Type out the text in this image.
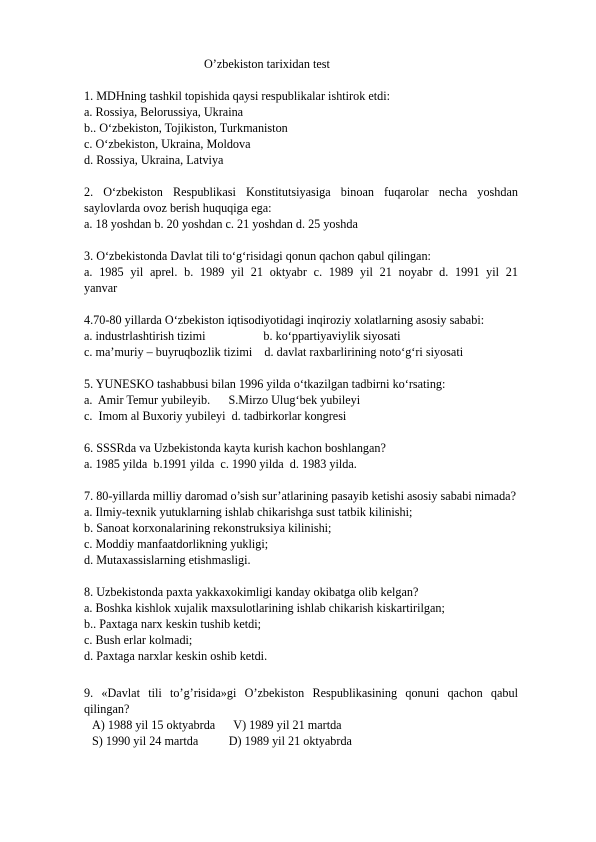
O’zbekiston tarixidan test
1. MDHning tashkil topishida qaysi respublikalar ishtirok etdi:
a. Rossiya, Belorussiya, Ukraina
b.. O‘zbekiston, Tojikiston, Turkmaniston
c. O‘zbekiston, Ukraina, Moldova
d. Rossiya, Ukraina, Latviya
2. O‘zbekiston Respublikasi Konstitutsiyasiga binoan fuqarolar necha yoshdan saylovlarda ovoz berish huquqiga ega:
a. 18 yoshdan b. 20 yoshdan c. 21 yoshdan d. 25 yoshda
3. O‘zbekistonda Davlat tili to‘g‘risidagi qonun qachon qabul qilingan:
a. 1985 yil aprel. b. 1989 yil 21 oktyabr c. 1989 yil 21 noyabr d. 1991 yil 21
yanvar
4.70-80 yillarda O‘zbekiston iqtisodiyotidagi inqiroziy xolatlarning asosiy sababi:
a. industrlashtirish tizimi                   b. ko‘ppartiyaviylik siyosati
c. ma’muriy – buyruqbozlik tizimi    d. davlat raxbarlirining noto‘g‘ri siyosati
5. YUNESKO tashabbusi bilan 1996 yilda o‘tkazilgan tadbirni ko‘rsating:
a.  Amir Temur yubileyib.      S.Mirzo Ulug‘bek yubileyi
c.  Imom al Buxoriy yubileyi  d. tadbirkorlar kongresi
6. SSSRda va Uzbekistonda kayta kurish kachon boshlangan?
a. 1985 yilda  b.1991 yilda  c. 1990 yilda  d. 1983 yilda.
7. 80-yillarda milliy daromad o’sish sur’atlarining pasayib ketishi asosiy sababi nimada?
a. Ilmiy-texnik yutuklarning ishlab chikarishga sust tatbik kilinishi;
b. Sanoat korxonalarining rekonstruksiya kilinishi;
c. Moddiy manfaatdorlikning yukligi;
d. Mutaxassislarning etishmasligi.
8. Uzbekistonda paxta yakkaxokimligi kanday okibatga olib kelgan?
a. Boshka kishlok xujalik maxsulotlarining ishlab chikarish kiskartirilgan;
b.. Paxtaga narx keskin tushib ketdi;
c. Bush erlar kolmadi;
d. Paxtaga narxlar keskin oshib ketdi.
9. «Davlat tili to’g’risida»gi O’zbekiston Respublikasining qonuni qachon qabul qilingan?
A) 1988 yil 15 oktyabrda      V) 1989 yil 21 martda
S) 1990 yil 24 martda          D) 1989 yil 21 oktyabrda
